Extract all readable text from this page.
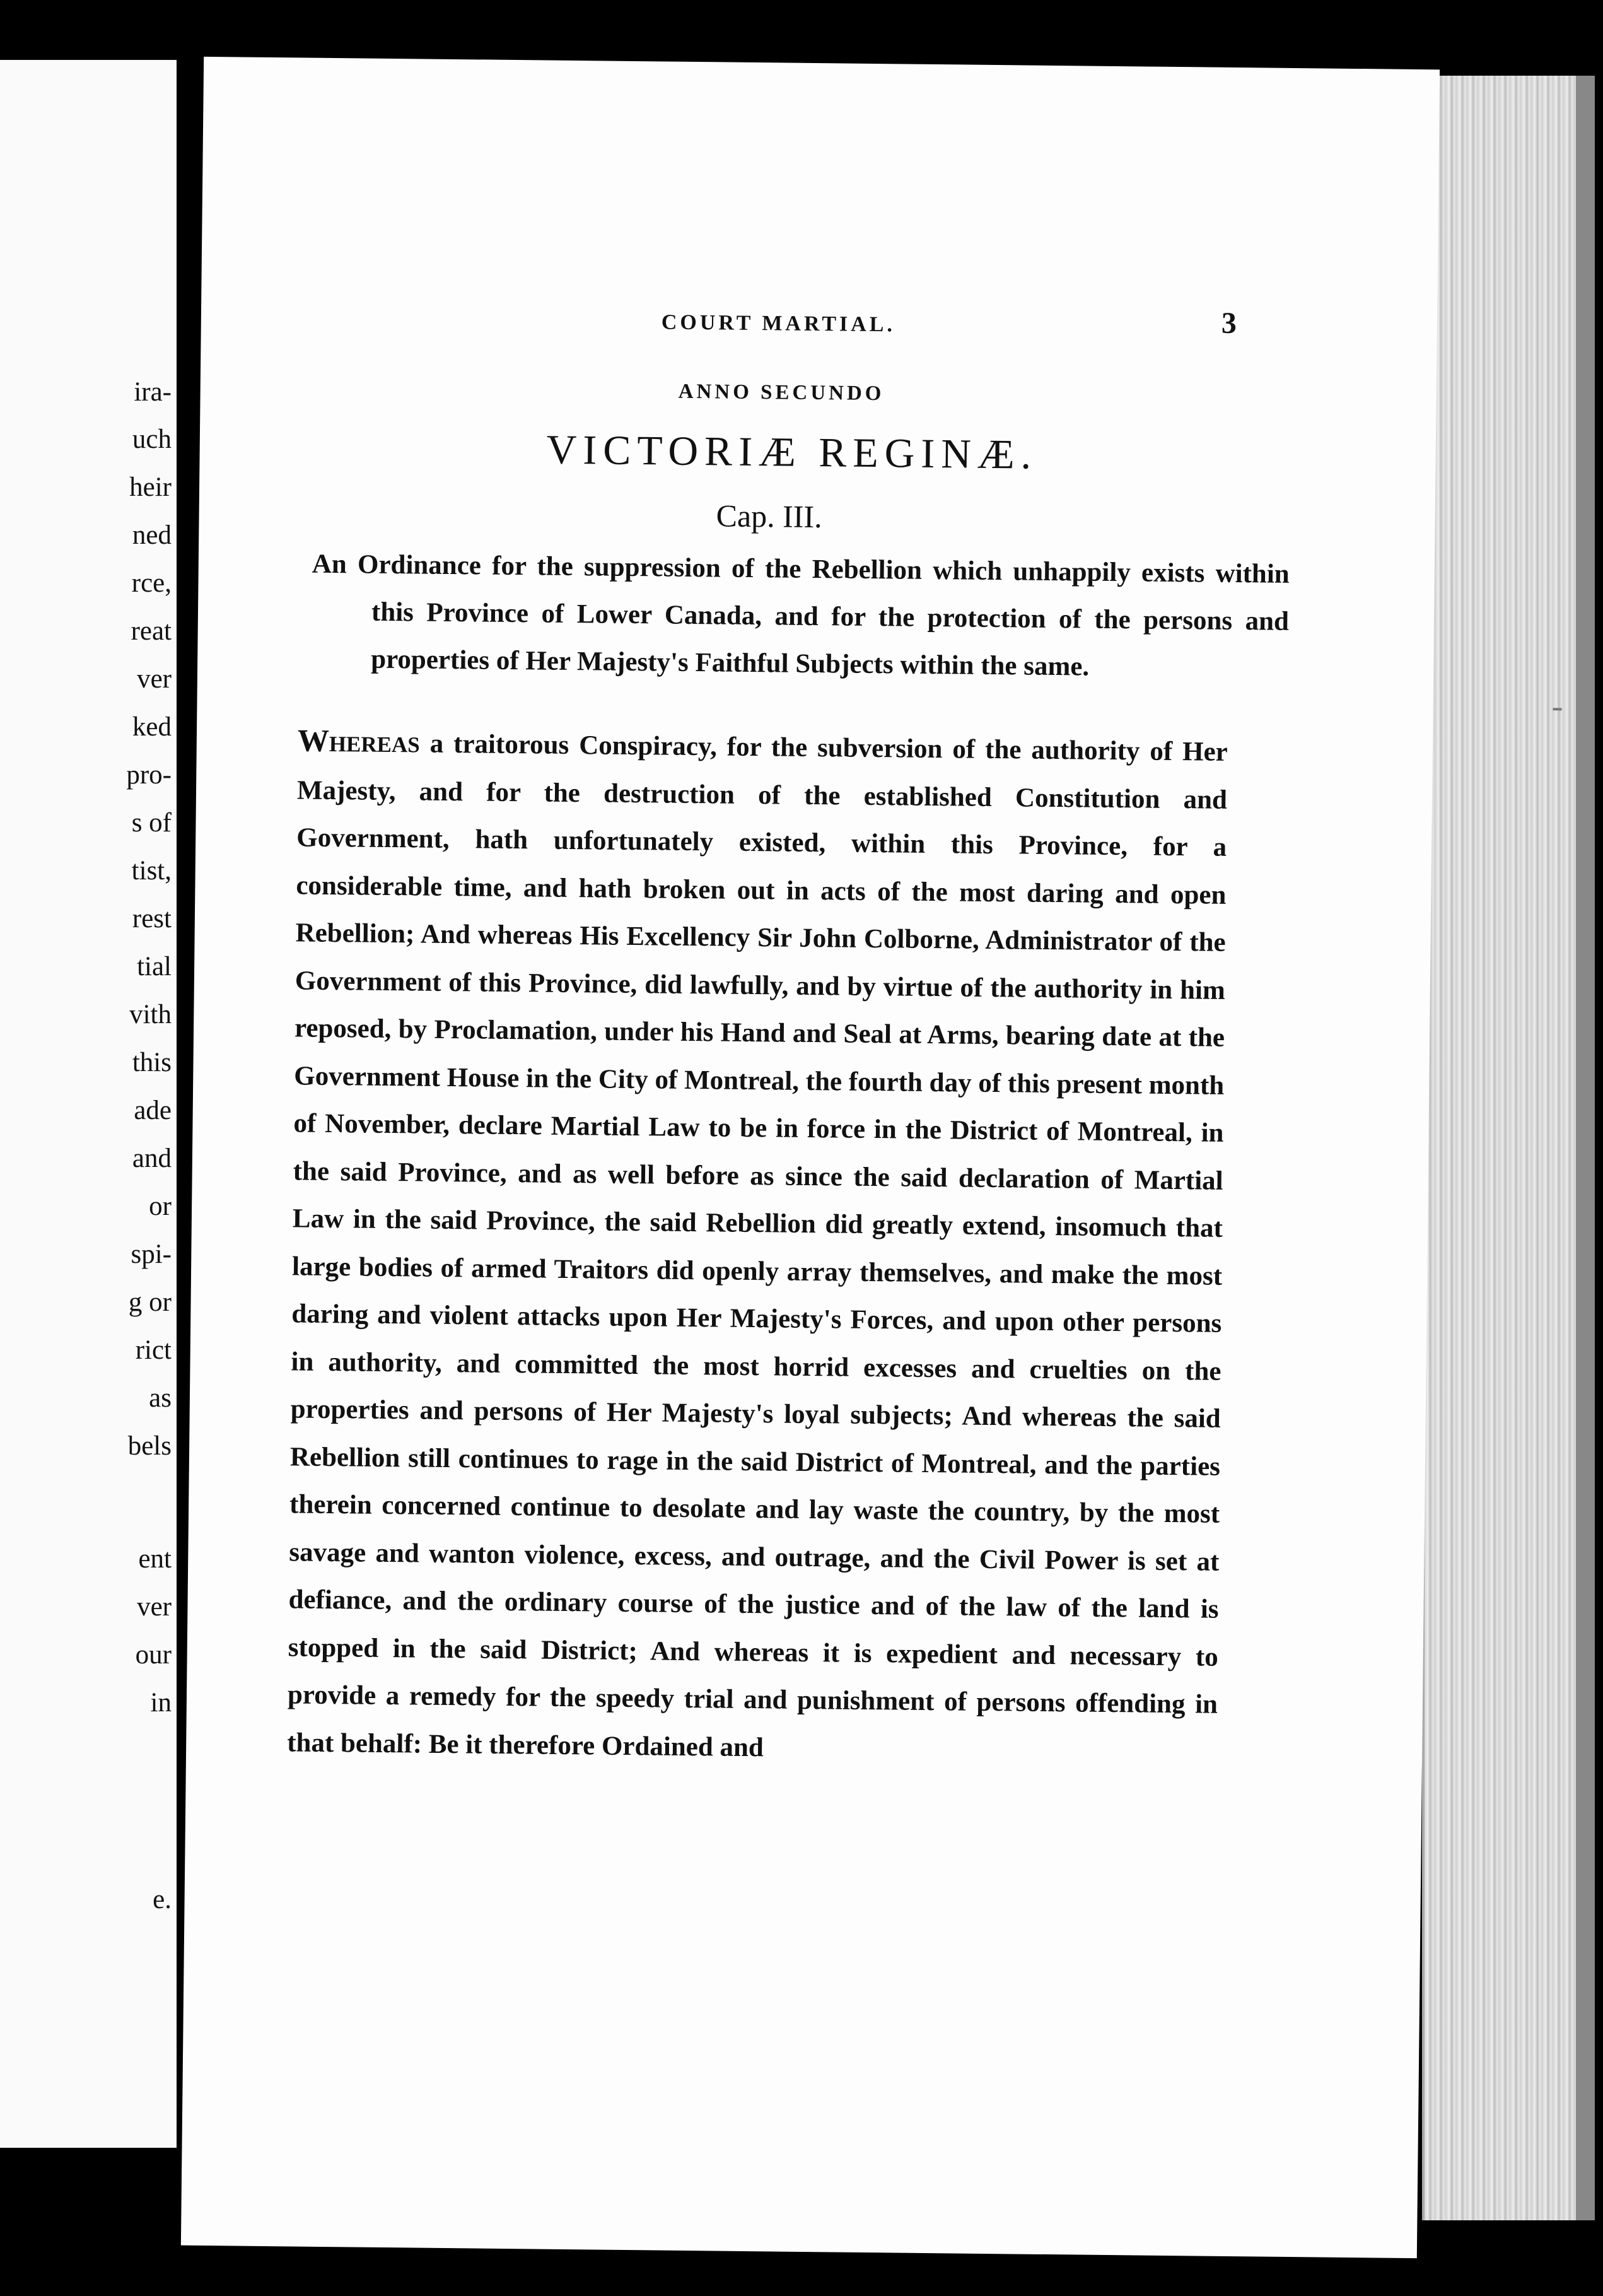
ira-
uch
heir
ned
rce,
reat
ver
ked
pro-
s of
tist,
rest
tial
vith
this
ade
and
or
spi-
g or
rict
as
bels
ent
ver
our
in
e.
COURT MARTIAL.	3
ANNO SECUNDO
VICTORIÆ REGINÆ.
Cap. III.
An Ordinance for the suppression of the Rebellion which unhappily exists within this Province of Lower Canada, and for the protection of the persons and properties of Her Majesty's Faithful Subjects within the same.
Whereas a traitorous Conspiracy, for the subversion of the authority of Her Majesty, and for the destruction of the established Constitution and Government, hath unfortunately existed, within this Province, for a considerable time, and hath broken out in acts of the most daring and open Rebellion; And whereas His Excellency Sir John Colborne, Administrator of the Government of this Province, did lawfully, and by virtue of the authority in him reposed, by Proclamation, under his Hand and Seal at Arms, bearing date at the Government House in the City of Montreal, the fourth day of this present month of November, declare Martial Law to be in force in the District of Montreal, in the said Province, and as well before as since the said declaration of Martial Law in the said Province, the said Rebellion did greatly extend, insomuch that large bodies of armed Traitors did openly array themselves, and make the most daring and violent attacks upon Her Majesty's Forces, and upon other persons in authority, and committed the most horrid excesses and cruelties on the properties and persons of Her Majesty's loyal subjects; And whereas the said Rebellion still continues to rage in the said District of Montreal, and the parties therein concerned continue to desolate and lay waste the country, by the most savage and wanton violence, excess, and outrage, and the Civil Power is set at defiance, and the ordinary course of the justice and of the law of the land is stopped in the said District; And whereas it is expedient and necessary to provide a remedy for the speedy trial and punishment of persons offending in that behalf: Be it therefore Ordained and
